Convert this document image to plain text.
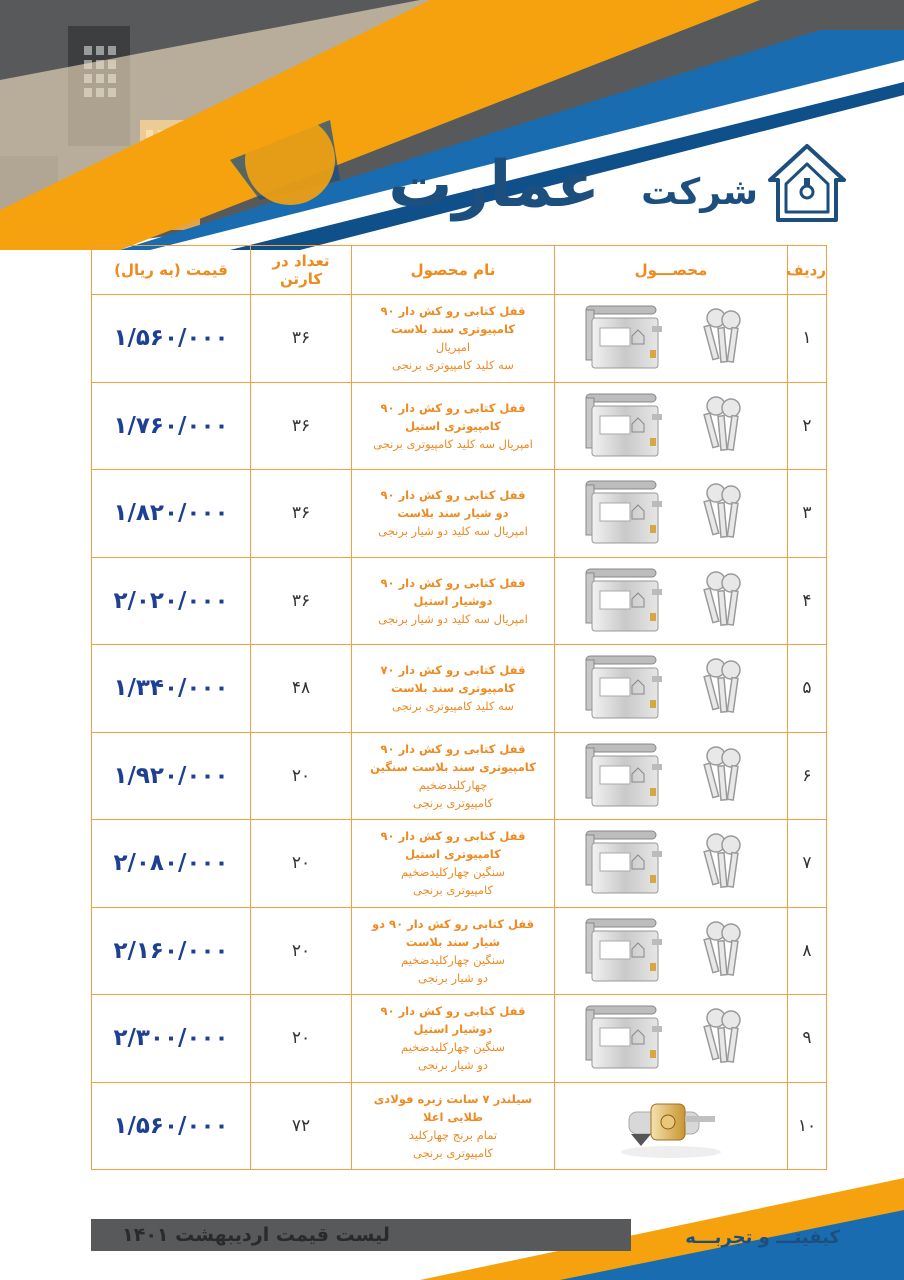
شرکت
عمارت
ردیف	محصـــول	نام محصول	تعداد در کارتن	قیمت (به ریال)
۱		قفل کتابی رو کش دار ۹۰
کامپیوتری سند بلاست
امپریال
سه کلید کامپیوتری برنجی	۳۶	۱/۵۶۰/۰۰۰
۲		قفل کتابی رو کش دار ۹۰
کامپیوتری استیل
امپریال سه کلید کامپیوتری برنجی	۳۶	۱/۷۶۰/۰۰۰
۳		قفل کتابی رو کش دار ۹۰
دو شیار سند بلاست
امپریال سه کلید دو شیار برنجی	۳۶	۱/۸۲۰/۰۰۰
۴		قفل کتابی رو کش دار ۹۰
دوشیار استیل
امپریال سه کلید دو شیار برنجی	۳۶	۲/۰۲۰/۰۰۰
۵		قفل کتابی رو کش دار ۷۰
کامپیوتری سند بلاست
سه کلید کامپیوتری برنجی	۴۸	۱/۳۴۰/۰۰۰
۶		قفل کتابی رو کش دار ۹۰
کامپیوتری سند بلاست سنگین
چهارکلیدضخیم
کامپیوتری برنجی	۲۰	۱/۹۲۰/۰۰۰
۷		قفل کتابی رو کش دار ۹۰
کامپیوتری استیل
سنگین چهارکلیدضخیم
کامپیوتری برنجی	۲۰	۲/۰۸۰/۰۰۰
۸		قفل کتابی رو کش دار ۹۰ دو
شیار سند بلاست
سنگین چهارکلیدضخیم
دو شیار برنجی	۲۰	۲/۱۶۰/۰۰۰
۹		قفل کتابی رو کش دار ۹۰
دوشیار استیل
سنگین چهارکلیدضخیم
دو شیار برنجی	۲۰	۲/۳۰۰/۰۰۰
۱۰		سیلندر ۷ سانت زبره فولادی
طلایی اعلا
تمام برنج چهارکلید
کامپیوتری برنجی	۷۲	۱/۵۶۰/۰۰۰
لیست قیمت اردیبهشت ۱۴۰۱	کیفیتـــ و تجربـــه
